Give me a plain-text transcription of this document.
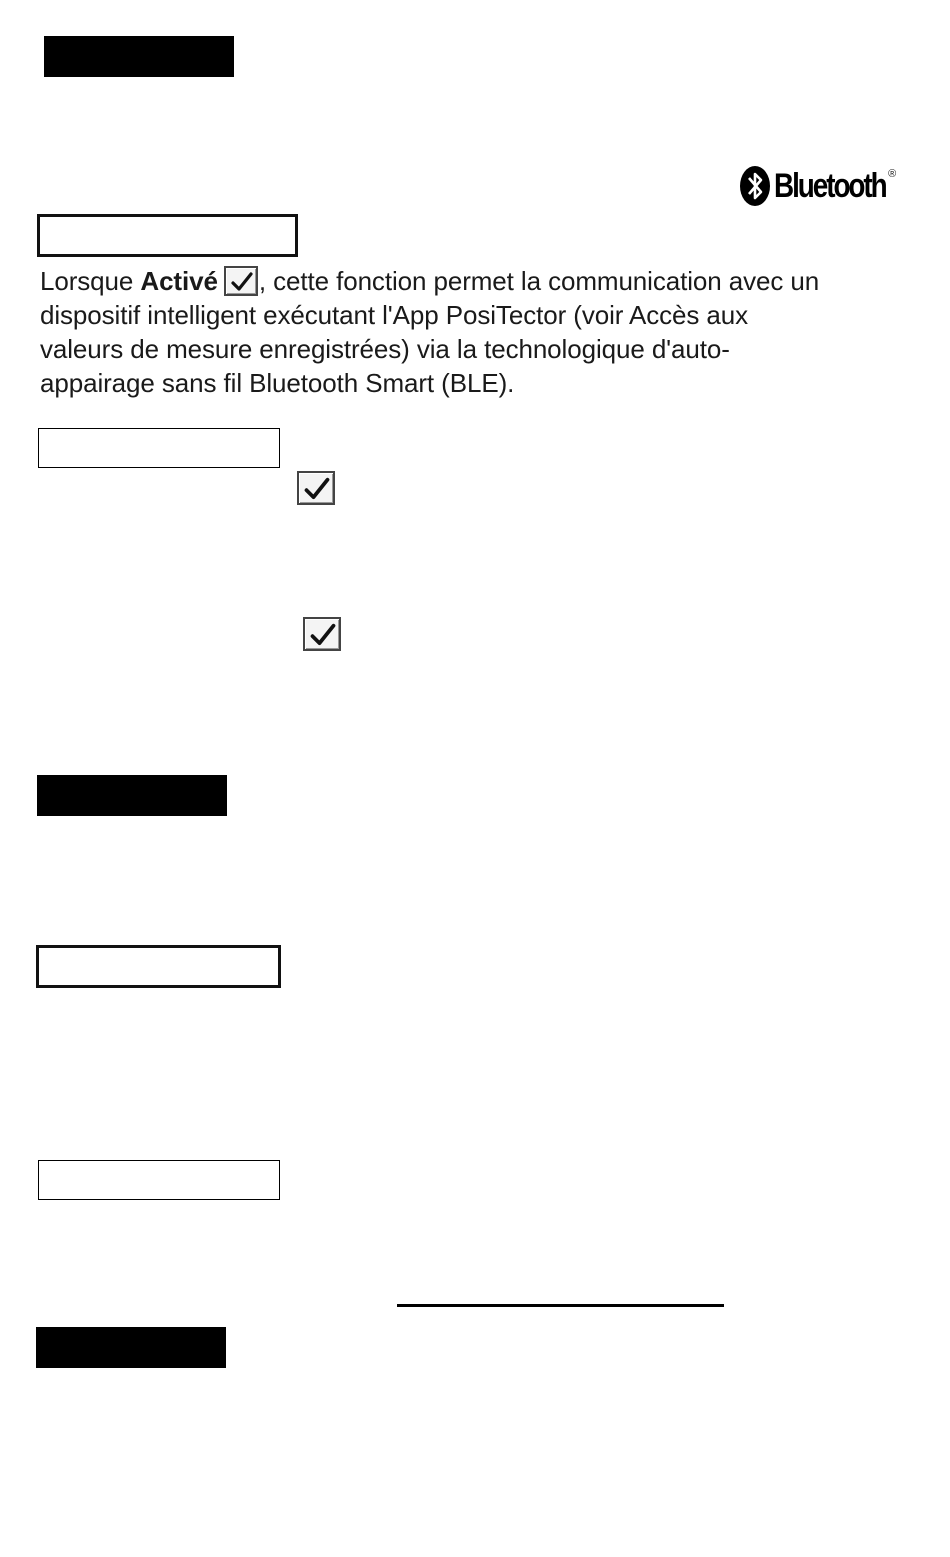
Bluetooth ®
Lorsque Activé , cette fonction permet la communication avec un
dispositif intelligent exécutant l'App PosiTector (voir Accès aux
valeurs de mesure enregistrées) via la technologique d'auto-
appairage sans fil Bluetooth Smart (BLE).
